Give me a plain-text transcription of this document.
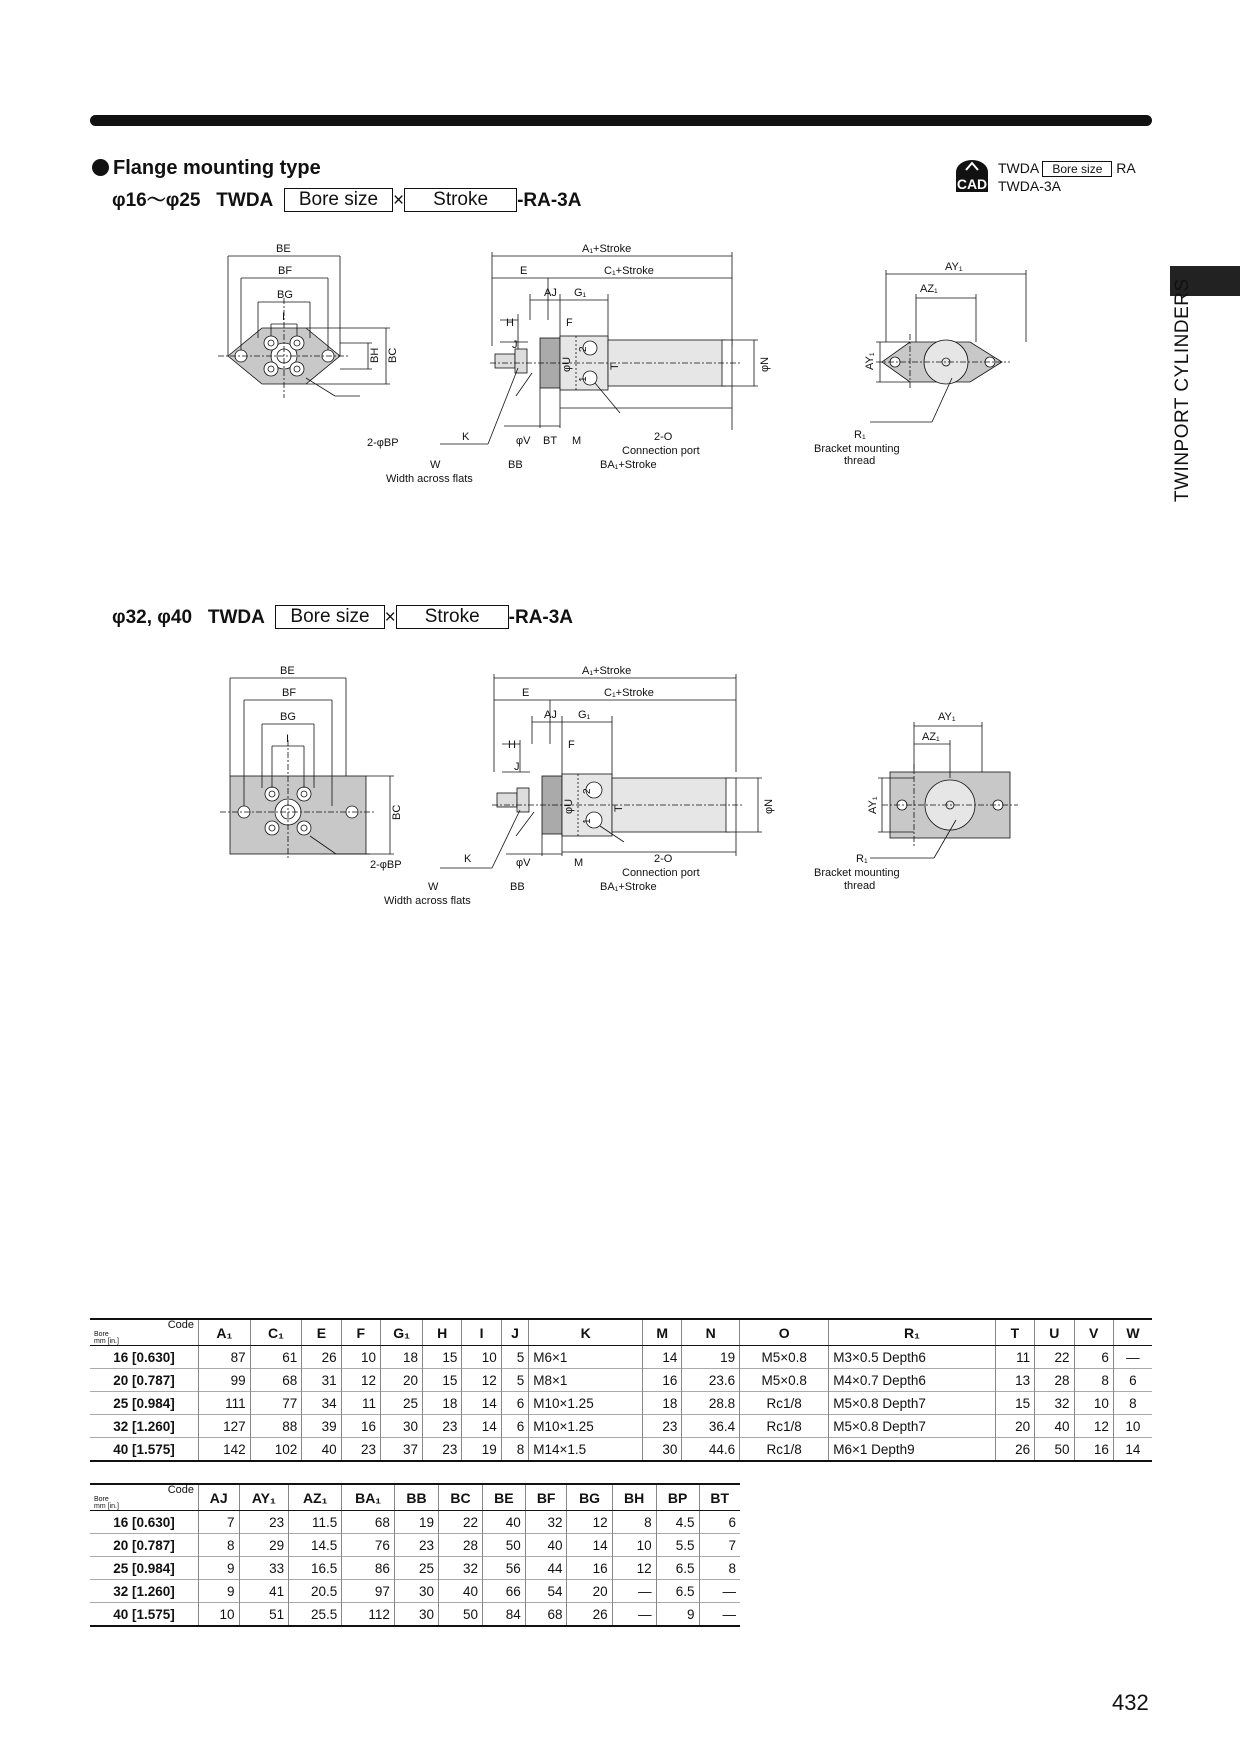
TWINPORT CYLINDERS
Flange mounting type
φ16〜φ25 TWDA Bore size × Stroke -RA-3A
φ32, φ40 TWDA Bore size × Stroke -RA-3A
CAD
TWDA Bore size RA
TWDA-3A
BE
BF
BG
I
BH BC
2-φBP
A₁+Stroke
E	C₁+Stroke
AJ G₁
H	F
J
φU	T	φN
2
1
K	φV BT M	2-O
Connection port
BA₁+Stroke
BB
W
Width across flats
AY₁
AZ₁
AY₁
R₁
Bracket mounting
thread
BE
BF
BG
I
BC
2-φBP
A₁+Stroke
E	C₁+Stroke
AJ G₁
H	F
J
φU	T	φN
2
1
K	φV	M	2-O
Connection port
BA₁+Stroke
BB
W
Width across flats
AY₁
AZ₁
AY₁
R₁
Bracket mounting
thread
Code
Bore
mm [in.]	A₁	C₁	E	F	G₁	H	I	J	K	M	N	O	R₁	T	U	V	W
16 [0.630]	87	61	26	10	18	15	10	5	M6×1	14	19	M5×0.8	M3×0.5 Depth6	11	22	6	—
20 [0.787]	99	68	31	12	20	15	12	5	M8×1	16	23.6	M5×0.8	M4×0.7 Depth6	13	28	8	6
25 [0.984]	111	77	34	11	25	18	14	6	M10×1.25	18	28.8	Rc1/8	M5×0.8 Depth7	15	32	10	8
32 [1.260]	127	88	39	16	30	23	14	6	M10×1.25	23	36.4	Rc1/8	M5×0.8 Depth7	20	40	12	10
40 [1.575]	142	102	40	23	37	23	19	8	M14×1.5	30	44.6	Rc1/8	M6×1 Depth9	26	50	16	14
Code
Bore
mm [in.]	AJ	AY₁	AZ₁	BA₁	BB	BC	BE	BF	BG	BH	BP	BT
16 [0.630]	7	23	11.5	68	19	22	40	32	12	8	4.5	6
20 [0.787]	8	29	14.5	76	23	28	50	40	14	10	5.5	7
25 [0.984]	9	33	16.5	86	25	32	56	44	16	12	6.5	8
32 [1.260]	9	41	20.5	97	30	40	66	54	20	—	6.5	—
40 [1.575]	10	51	25.5	112	30	50	84	68	26	—	9	—
432
